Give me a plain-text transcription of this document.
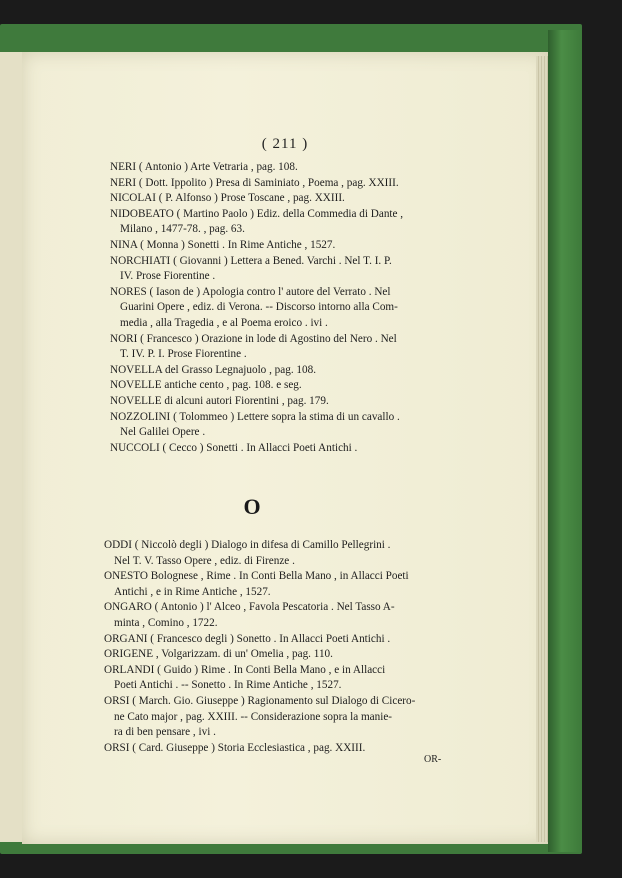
( 211 )
NERI ( Antonio ) Arte Vetraria , pag. 108.
NERI ( Dott. Ippolito ) Presa di Saminiato , Poema , pag. XXIII.
NICOLAI ( P. Alfonso ) Prose Toscane , pag. XXIII.
NIDOBEATO ( Martino Paolo ) Ediz. della Commedia di Dante ,
Milano , 1477-78. , pag. 63.
NINA ( Monna ) Sonetti . In Rime Antiche , 1527.
NORCHIATI ( Giovanni ) Lettera a Bened. Varchi . Nel T. I. P.
IV. Prose Fiorentine .
NORES ( Iason de ) Apologia contro l' autore del Verrato . Nel
Guarini Opere , ediz. di Verona. -- Discorso intorno alla Com-
media , alla Tragedia , e al Poema eroico . ivi .
NORI ( Francesco ) Orazione in lode di Agostino del Nero . Nel
T. IV. P. I. Prose Fiorentine .
NOVELLA del Grasso Legnajuolo , pag. 108.
NOVELLE antiche cento , pag. 108. e seg.
NOVELLE di alcuni autori Fiorentini , pag. 179.
NOZZOLINI ( Tolommeo ) Lettere sopra la stima di un cavallo .
Nel Galilei Opere .
NUCCOLI ( Cecco ) Sonetti . In Allacci Poeti Antichi .
O
ODDI ( Niccolò degli ) Dialogo in difesa di Camillo Pellegrini .
Nel T. V. Tasso Opere , ediz. di Firenze .
ONESTO Bolognese , Rime . In Conti Bella Mano , in Allacci Poeti
Antichi , e in Rime Antiche , 1527.
ONGARO ( Antonio ) l' Alceo , Favola Pescatoria . Nel Tasso A-
minta , Comino , 1722.
ORGANI ( Francesco degli ) Sonetto . In Allacci Poeti Antichi .
ORIGENE , Volgarizzam. di un' Omelia , pag. 110.
ORLANDI ( Guido ) Rime . In Conti Bella Mano , e in Allacci
Poeti Antichi . -- Sonetto . In Rime Antiche , 1527.
ORSI ( March. Gio. Giuseppe ) Ragionamento sul Dialogo di Cicero-
ne Cato major , pag. XXIII. -- Considerazione sopra la manie-
ra di ben pensare , ivi .
ORSI ( Card. Giuseppe ) Storia Ecclesiastica , pag. XXIII.
OR-
